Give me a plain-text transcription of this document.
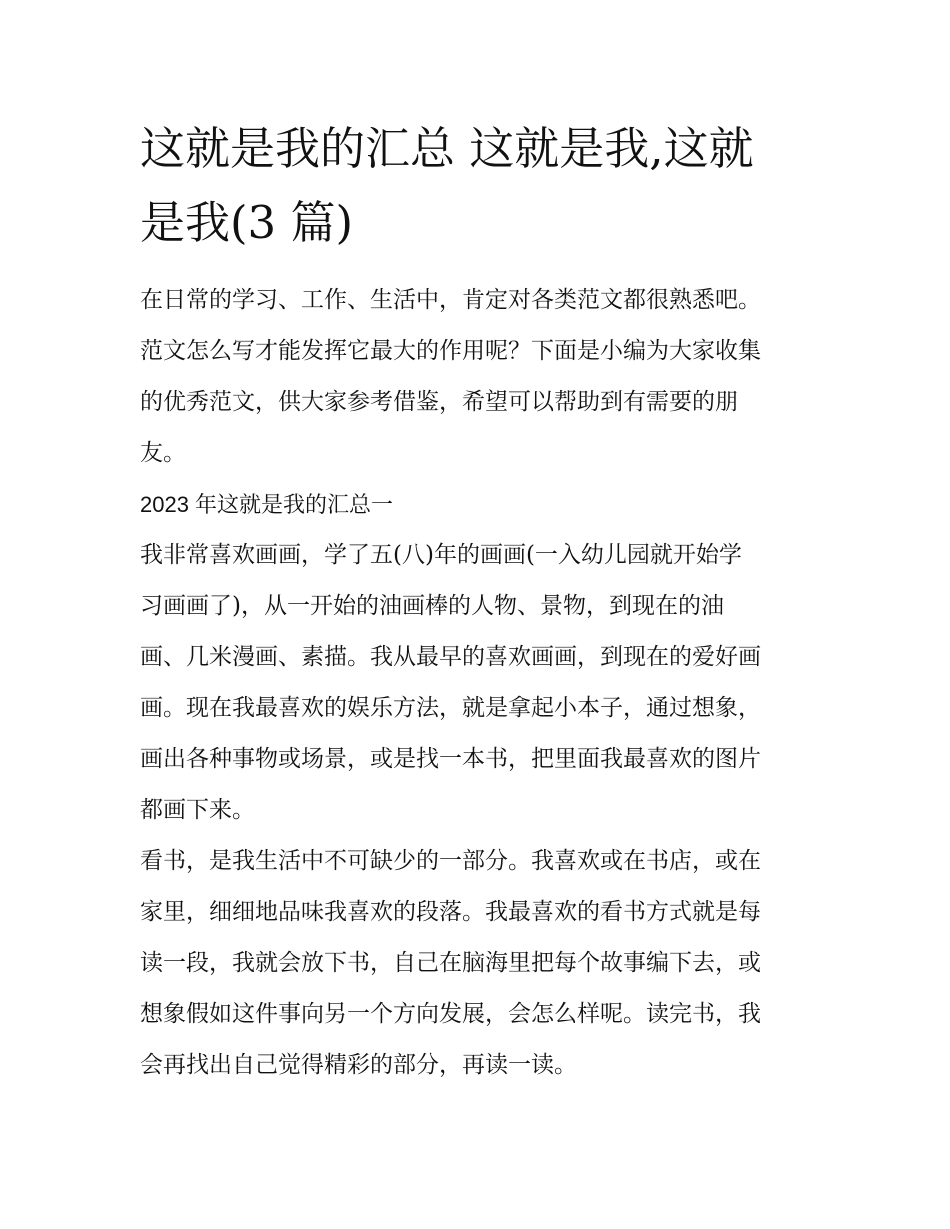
这就是我的汇总 这就是我,这就
是我(3 篇)

在日常的学习、工作、生活中，肯定对各类范文都很熟悉吧。
范文怎么写才能发挥它最大的作用呢？下面是小编为大家收集
的优秀范文，供大家参考借鉴，希望可以帮助到有需要的朋
友。

2023 年这就是我的汇总一

我非常喜欢画画，学了五(八)年的画画(一入幼儿园就开始学
习画画了)，从一开始的油画棒的人物、景物，到现在的油
画、几米漫画、素描。我从最早的喜欢画画，到现在的爱好画
画。现在我最喜欢的娱乐方法，就是拿起小本子，通过想象，
画出各种事物或场景，或是找一本书，把里面我最喜欢的图片
都画下来。

看书，是我生活中不可缺少的一部分。我喜欢或在书店，或在
家里，细细地品味我喜欢的段落。我最喜欢的看书方式就是每
读一段，我就会放下书，自己在脑海里把每个故事编下去，或
想象假如这件事向另一个方向发展，会怎么样呢。读完书，我
会再找出自己觉得精彩的部分，再读一读。
